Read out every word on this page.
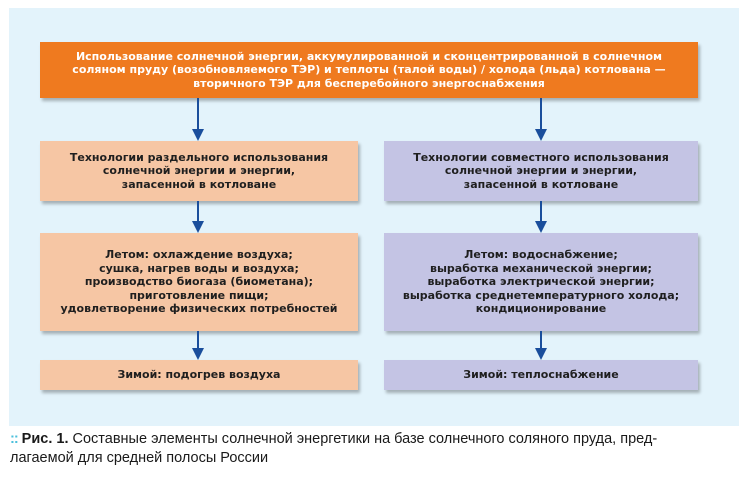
Использование солнечной энергии, аккумулированной и сконцентрированной в солнечном
соляном пруду (возобновляемого ТЭР) и теплоты (талой воды) / холода (льда) котлована —
вторичного ТЭР для бесперебойного энергоснабжения
Технологии раздельного использования
солнечной энергии и энергии,
запасенной в котловане
Летом: охлаждение воздуха;
сушка, нагрев воды и воздуха;
производство биогаза (биометана);
приготовление пищи;
удовлетворение физических потребностей
Зимой: подогрев воздуха
Технологии совместного использования
солнечной энергии и энергии,
запасенной в котловане
Летом: водоснабжение;
выработка механической энергии;
выработка электрической энергии;
выработка среднетемпературного холода;
кондиционирование
Зимой: теплоснабжение
:: Рис. 1. Составные элементы солнечной энергетики на базе солнечного соляного пруда, пред-
лагаемой для средней полосы России
